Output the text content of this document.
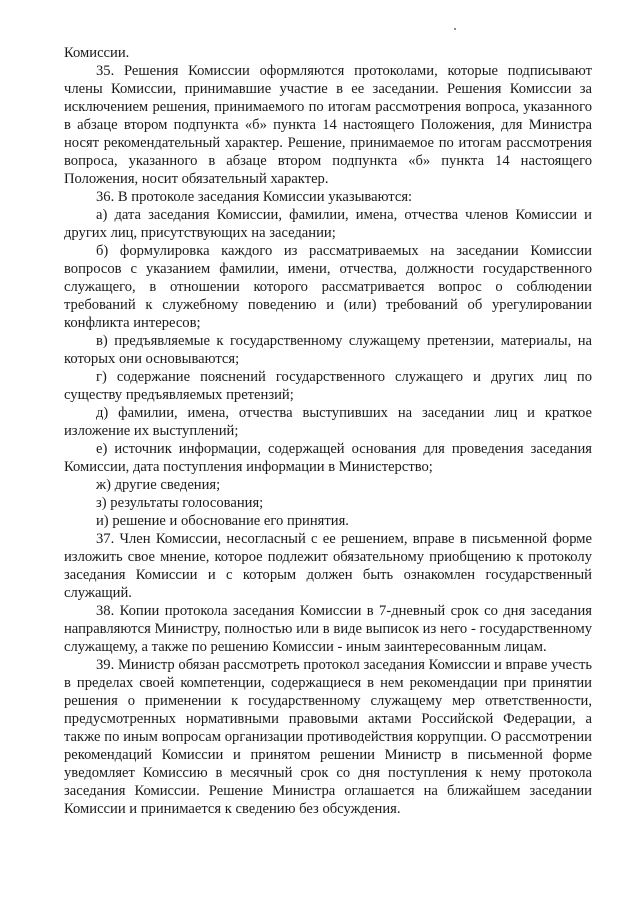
Комиссии.

35. Решения Комиссии оформляются протоколами, которые подписывают члены Комиссии, принимавшие участие в ее заседании. Решения Комиссии за исключением решения, принимаемого по итогам рассмотрения вопроса, указанного в абзаце втором подпункта «б» пункта 14 настоящего Положения, для Министра носят рекомендательный характер. Решение, принимаемое по итогам рассмотрения вопроса, указанного в абзаце втором подпункта «б» пункта 14 настоящего Положения, носит обязательный характер.

36. В протоколе заседания Комиссии указываются:

а) дата заседания Комиссии, фамилии, имена, отчества членов Комиссии и других лиц, присутствующих на заседании;

б) формулировка каждого из рассматриваемых на заседании Комиссии вопросов с указанием фамилии, имени, отчества, должности государственного служащего, в отношении которого рассматривается вопрос о соблюдении требований к служебному поведению и (или) требований об урегулировании конфликта интересов;

в) предъявляемые к государственному служащему претензии, материалы, на которых они основываются;

г) содержание пояснений государственного служащего и других лиц по существу предъявляемых претензий;

д) фамилии, имена, отчества выступивших на заседании лиц и краткое изложение их выступлений;

е) источник информации, содержащей основания для проведения заседания Комиссии, дата поступления информации в Министерство;

ж) другие сведения;

з) результаты голосования;

и) решение и обоснование его принятия.

37. Член Комиссии, несогласный с ее решением, вправе в письменной форме изложить свое мнение, которое подлежит обязательному приобщению к протоколу заседания Комиссии и с которым должен быть ознакомлен государственный служащий.

38. Копии протокола заседания Комиссии в 7-дневный срок со дня заседания направляются Министру, полностью или в виде выписок из него - государственному служащему, а также по решению Комиссии - иным заинтересованным лицам.

39. Министр обязан рассмотреть протокол заседания Комиссии и вправе учесть в пределах своей компетенции, содержащиеся в нем рекомендации при принятии решения о применении к государственному служащему мер ответственности, предусмотренных нормативными правовыми актами Российской Федерации, а также по иным вопросам организации противодействия коррупции. О рассмотрении рекомендаций Комиссии и принятом решении Министр в письменной форме уведомляет Комиссию в месячный срок со дня поступления к нему протокола заседания Комиссии. Решение Министра оглашается на ближайшем заседании Комиссии и принимается к сведению без обсуждения.
